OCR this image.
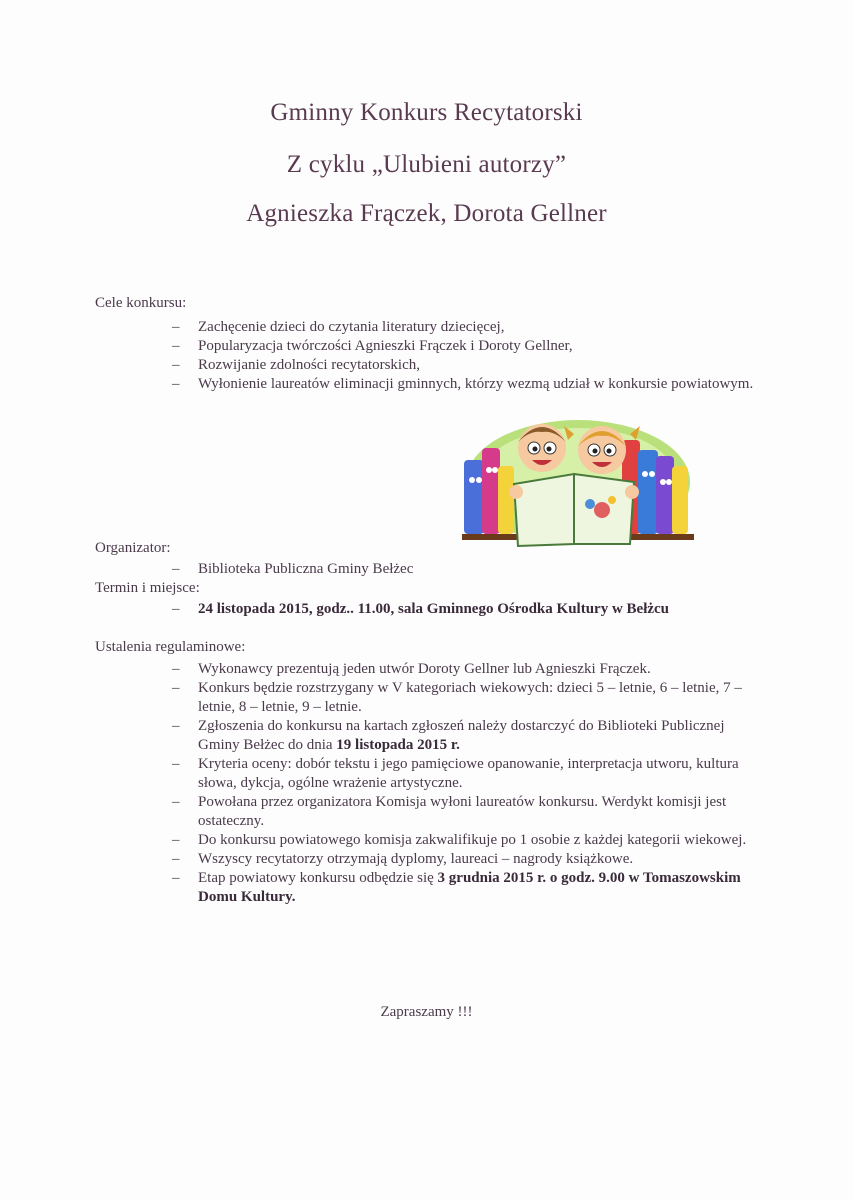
Gminny Konkurs Recytatorski
Z cyklu „Ulubieni autorzy”
Agnieszka Frączek, Dorota Gellner
Cele konkursu:
– Zachęcenie dzieci do czytania literatury dziecięcej,
– Popularyzacja twórczości Agnieszki Frączek i Doroty Gellner,
– Rozwijanie zdolności recytatorskich,
– Wyłonienie laureatów eliminacji gminnych, którzy wezmą udział w konkursie powiatowym.
Organizator:
– Biblioteka Publiczna Gminy Bełżec
Termin i miejsce:
– 24 listopada 2015, godz.. 11.00, sala Gminnego Ośrodka Kultury w Bełżcu
Ustalenia regulaminowe:
– Wykonawcy prezentują jeden utwór Doroty Gellner lub Agnieszki Frączek.
– Konkurs będzie rozstrzygany w V kategoriach wiekowych: dzieci 5 – letnie, 6 – letnie, 7 – letnie, 8 – letnie, 9 – letnie.
– Zgłoszenia do konkursu na kartach zgłoszeń należy dostarczyć do Biblioteki Publicznej Gminy Bełżec do dnia 19 listopada 2015 r.
– Kryteria oceny: dobór tekstu i jego pamięciowe opanowanie, interpretacja utworu, kultura słowa, dykcja, ogólne wrażenie artystyczne.
– Powołana przez organizatora Komisja wyłoni laureatów konkursu. Werdykt komisji jest ostateczny.
– Do konkursu powiatowego komisja zakwalifikuje po 1 osobie z każdej kategorii wiekowej.
– Wszyscy recytatorzy otrzymają dyplomy, laureaci – nagrody książkowe.
– Etap powiatowy konkursu odbędzie się 3 grudnia 2015 r. o godz. 9.00 w Tomaszowskim Domu Kultury.
Zapraszamy !!!
